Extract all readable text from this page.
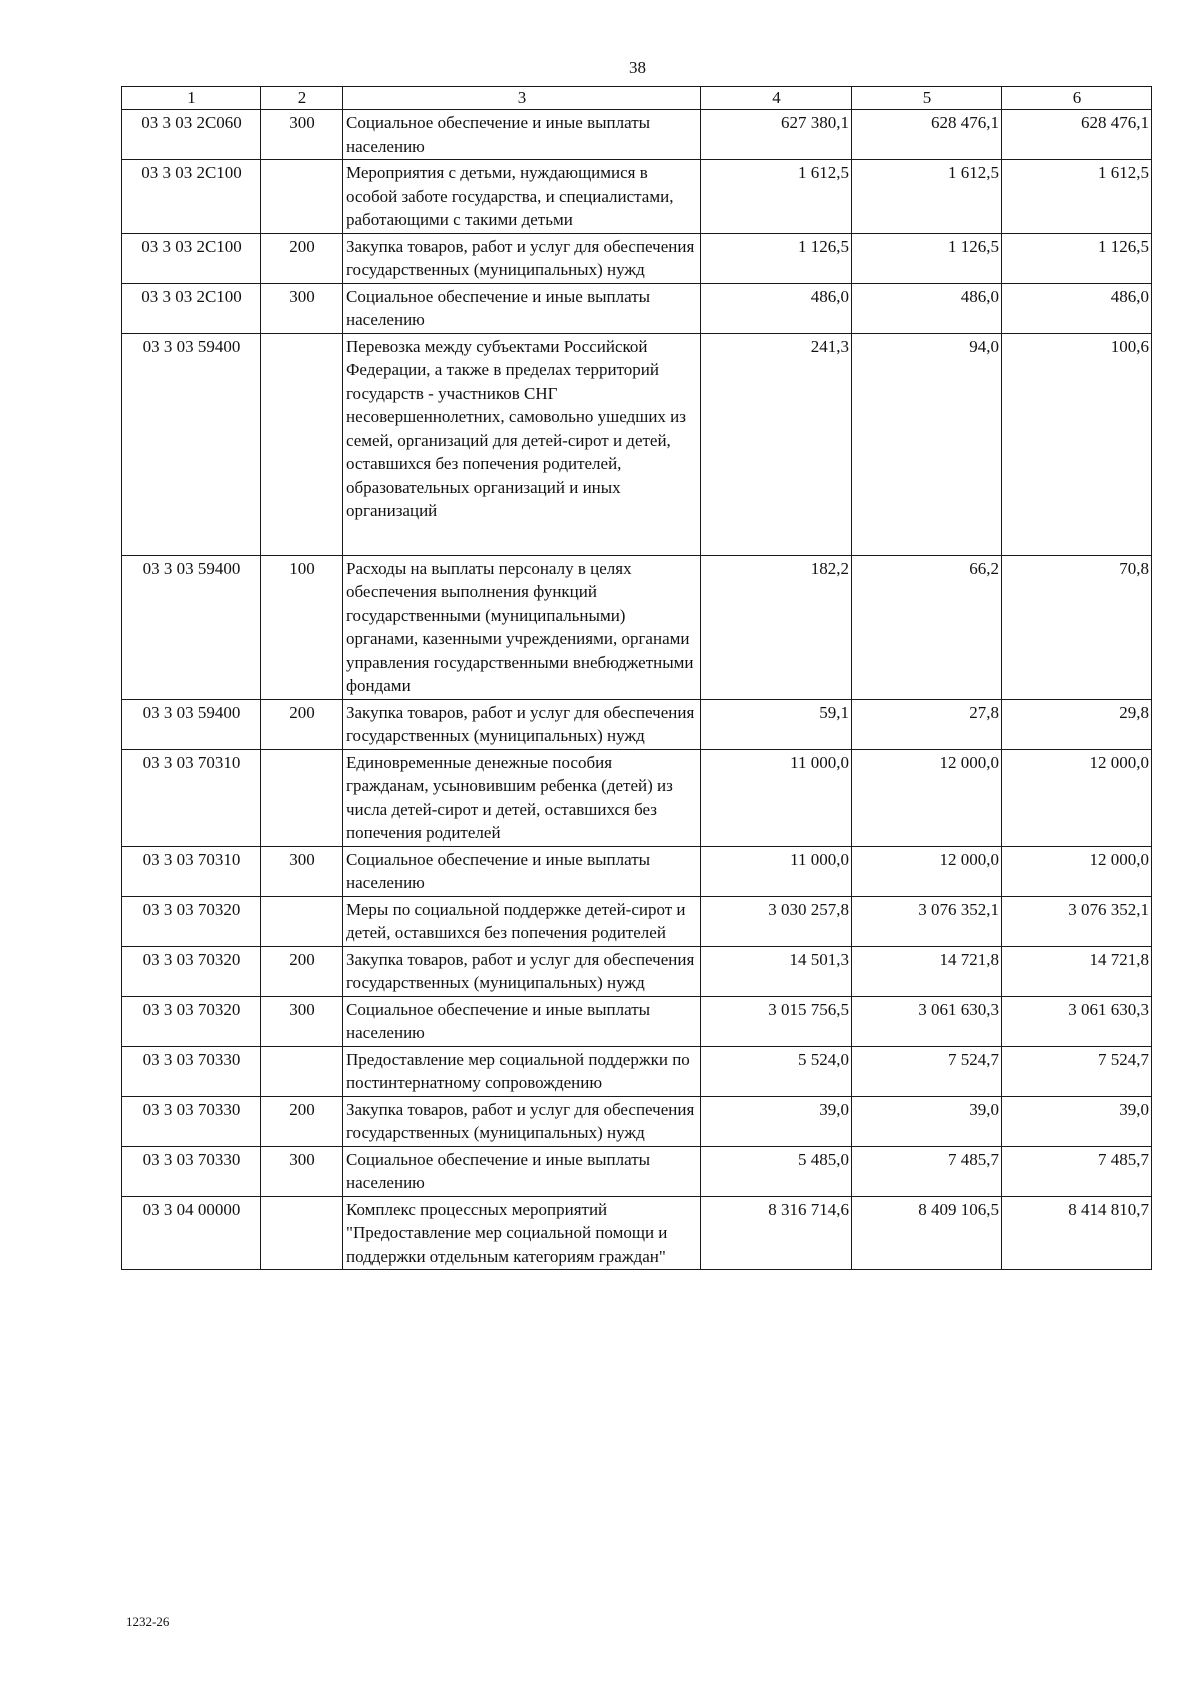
38
1	2	3	4	5	6
03 3 03 2С060	300	Социальное обеспечение и иные выплаты населению	627 380,1	628 476,1	628 476,1
03 3 03 2С100		Мероприятия с детьми, нуждающимися в особой заботе государства, и специалистами, работающими с такими детьми	1 612,5	1 612,5	1 612,5
03 3 03 2С100	200	Закупка товаров, работ и услуг для обеспечения государственных (муниципальных) нужд	1 126,5	1 126,5	1 126,5
03 3 03 2С100	300	Социальное обеспечение и иные выплаты населению	486,0	486,0	486,0
03 3 03 59400		Перевозка между субъектами Российской Федерации, а также в пределах территорий государств - участников СНГ несовершеннолетних, самовольно ушедших из семей, организаций для детей-сирот и детей, оставшихся без попечения родителей, образовательных организаций и иных организаций	241,3	94,0	100,6
03 3 03 59400	100	Расходы на выплаты персоналу в целях обеспечения выполнения функций государственными (муниципальными) органами, казенными учреждениями, органами управления государственными внебюджетными фондами	182,2	66,2	70,8
03 3 03 59400	200	Закупка товаров, работ и услуг для обеспечения государственных (муниципальных) нужд	59,1	27,8	29,8
03 3 03 70310		Единовременные денежные пособия гражданам, усыновившим ребенка (детей) из числа детей-сирот и детей, оставшихся без попечения родителей	11 000,0	12 000,0	12 000,0
03 3 03 70310	300	Социальное обеспечение и иные выплаты населению	11 000,0	12 000,0	12 000,0
03 3 03 70320		Меры по социальной поддержке детей-сирот и детей, оставшихся без попечения родителей	3 030 257,8	3 076 352,1	3 076 352,1
03 3 03 70320	200	Закупка товаров, работ и услуг для обеспечения государственных (муниципальных) нужд	14 501,3	14 721,8	14 721,8
03 3 03 70320	300	Социальное обеспечение и иные выплаты населению	3 015 756,5	3 061 630,3	3 061 630,3
03 3 03 70330		Предоставление мер социальной поддержки по постинтернатному сопровождению	5 524,0	7 524,7	7 524,7
03 3 03 70330	200	Закупка товаров, работ и услуг для обеспечения государственных (муниципальных) нужд	39,0	39,0	39,0
03 3 03 70330	300	Социальное обеспечение и иные выплаты населению	5 485,0	7 485,7	7 485,7
03 3 04 00000		Комплекс процессных мероприятий "Предоставление мер социальной помощи и поддержки отдельным категориям граждан"	8 316 714,6	8 409 106,5	8 414 810,7
1232-26
